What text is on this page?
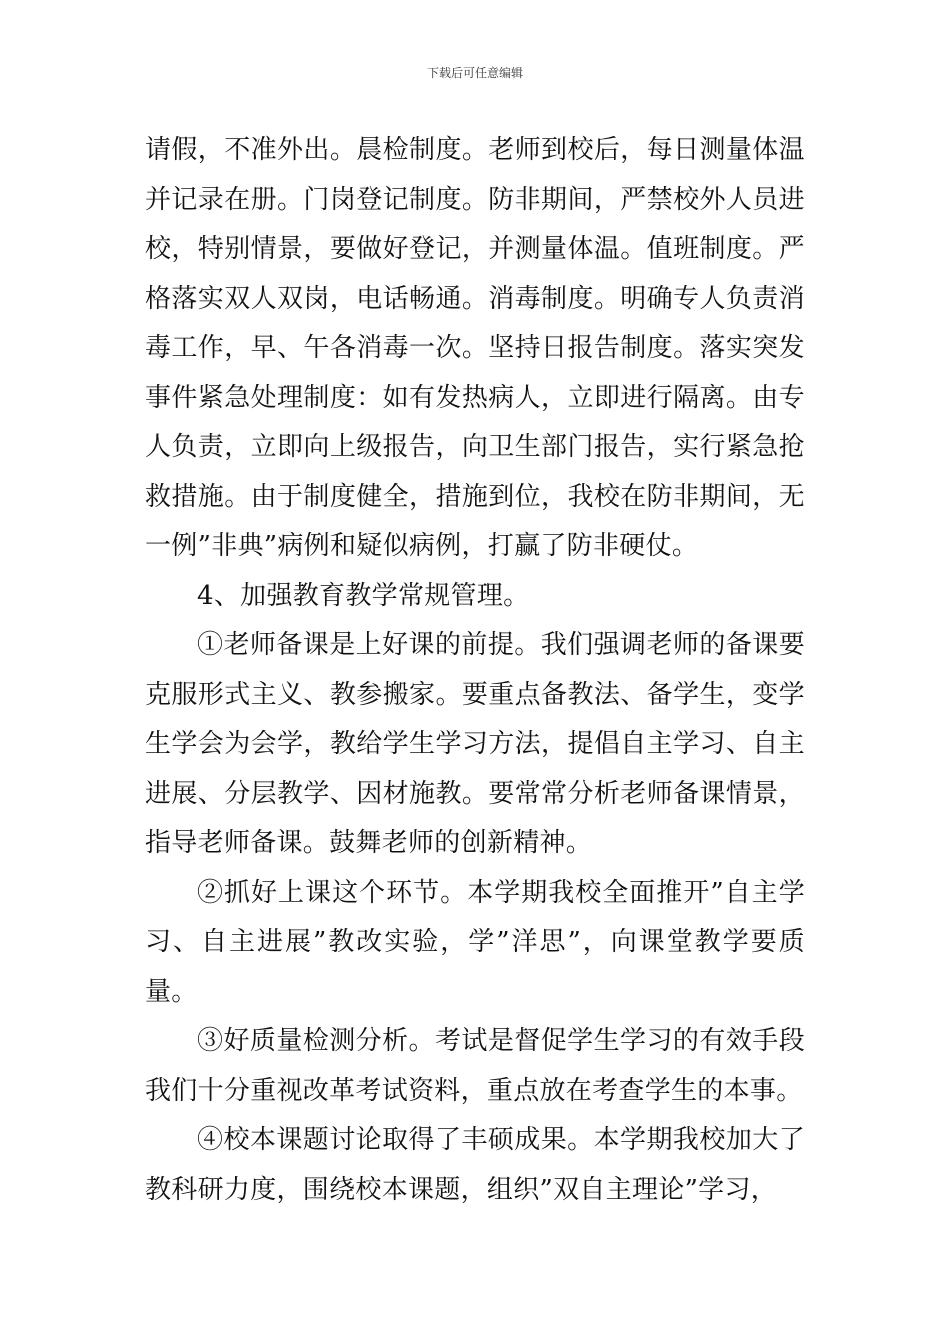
下载后可任意编辑

请假，不准外出。晨检制度。老师到校后，每日测量体温并记录在册。门岗登记制度。防非期间，严禁校外人员进校，特别情景，要做好登记，并测量体温。值班制度。严格落实双人双岗，电话畅通。消毒制度。明确专人负责消毒工作，早、午各消毒一次。坚持日报告制度。落实突发事件紧急处理制度：如有发热病人，立即进行隔离。由专人负责，立即向上级报告，向卫生部门报告，实行紧急抢救措施。由于制度健全，措施到位，我校在防非期间，无一例”非典”病例和疑似病例，打赢了防非硬仗。

4、加强教育教学常规管理。

①老师备课是上好课的前提。我们强调老师的备课要克服形式主义、教参搬家。要重点备教法、备学生，变学生学会为会学，教给学生学习方法，提倡自主学习、自主进展、分层教学、因材施教。要常常分析老师备课情景，指导老师备课。鼓舞老师的创新精神。

②抓好上课这个环节。本学期我校全面推开”自主学习、自主进展”教改实验，学”洋思”，向课堂教学要质量。

③好质量检测分析。考试是督促学生学习的有效手段我们十分重视改革考试资料，重点放在考查学生的本事。

④校本课题讨论取得了丰硕成果。本学期我校加大了教科研力度，围绕校本课题，组织”双自主理论”学习，
